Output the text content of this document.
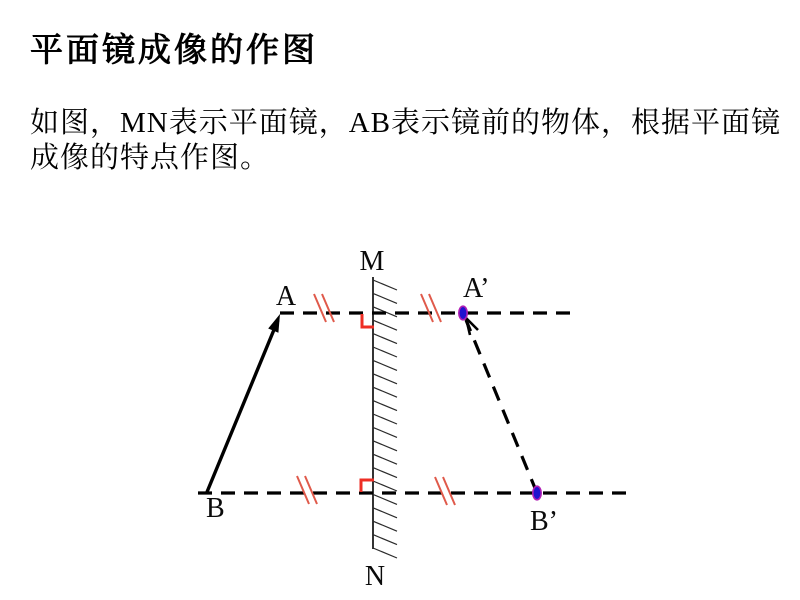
平面镜成像的作图

如图，MN表示平面镜，AB表示镜前的物体，根据平面镜
成像的特点作图。

M
N
A
B
A’
B’
